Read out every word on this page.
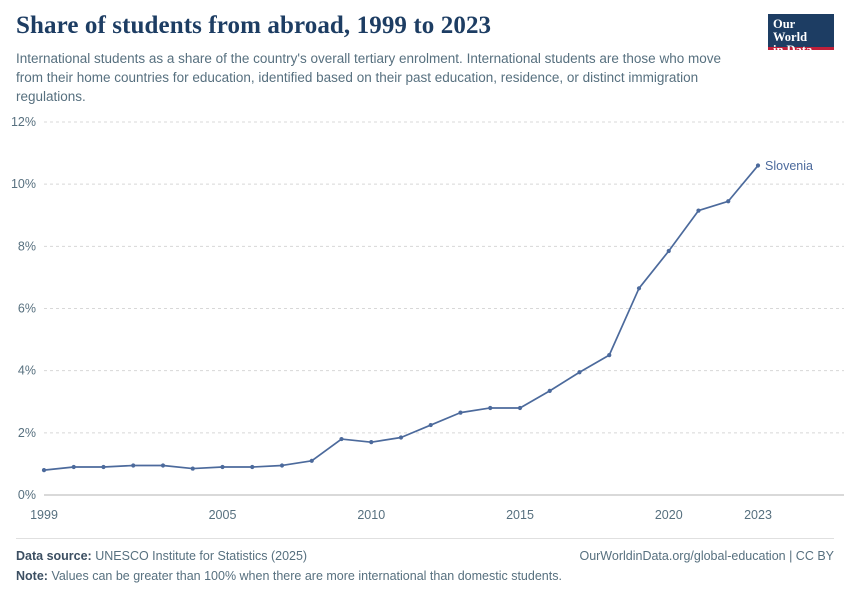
Share of students from abroad, 1999 to 2023

International students as a share of the country's overall tertiary enrolment. International students are those who move from their home countries for education, identified based on their past education, residence, or distinct immigration regulations.

Our World
in Data
0%
2%
4%
6%
8%
10%
12%
1999	2005	2010	2015	2020	2023
Slovenia
Data source: UNESCO Institute for Statistics (2025)	OurWorldinData.org/global-education | CC BY
Note: Values can be greater than 100% when there are more international than domestic students.
